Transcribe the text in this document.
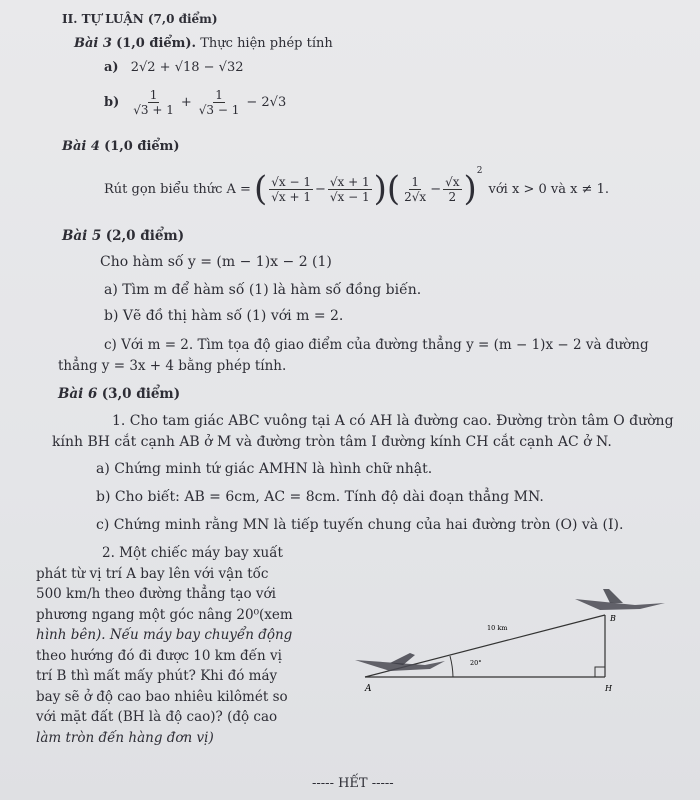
II. TỰ LUẬN (7,0 điểm)
Bài 3 (1,0 điểm). Thực hiện phép tính
a) 2√2 + √18 − √32
$b) \frac{1}{√3 + 1} + \frac{1}{√3 - 1} - 2√3$
Bài 4 (1,0 điểm)
Rút gọn biểu thức A = ( $\frac{√x - 1}{√x + 1} - \frac{√x + 1}{√x - 1}$ )( $\frac{1}{2√x} - \frac{√x}{2} )^2$
với x > 0 và x ≠ 1.
Bài 5 (2,0 điểm)
Cho hàm số y = (m − 1)x − 2 (1)
a) Tìm m để hàm số (1) là hàm số đồng biến.
b) Vẽ đồ thị hàm số (1) với m = 2.
c) Với m = 2. Tìm tọa độ giao điểm của đường thẳng y = (m − 1)x − 2 và đường
thẳng y = 3x + 4 bằng phép tính.
Bài 6 (3,0 điểm)
1. Cho tam giác ABC vuông tại A có AH là đường cao. Đường tròn tâm O đường
kính BH cắt cạnh AB ở M và đường tròn tâm I đường kính CH cắt cạnh AC ở N.
a) Chứng minh tứ giác AMHN là hình chữ nhật.
b) Cho biết: AB = 6cm, AC = 8cm. Tính độ dài đoạn thẳng MN.
c) Chứng minh rằng MN là tiếp tuyến chung của hai đường tròn (O) và (I).
2. Một chiếc máy bay xuất
phát từ vị trí A bay lên với vận tốc
500 km/h theo đường thẳng tạo với
phương ngang một góc nâng 20⁰(xem
hình bên). Nếu máy bay chuyển động
theo hướng đó đi được 10 km đến vị
trí B thì mất mấy phút? Khi đó máy
bay sẽ ở độ cao bao nhiêu kilômét so
với mặt đất (BH là độ cao)? (độ cao
làm tròn đến hàng đơn vị)
A
B
H
10 km
20°
----- HẾT -----
